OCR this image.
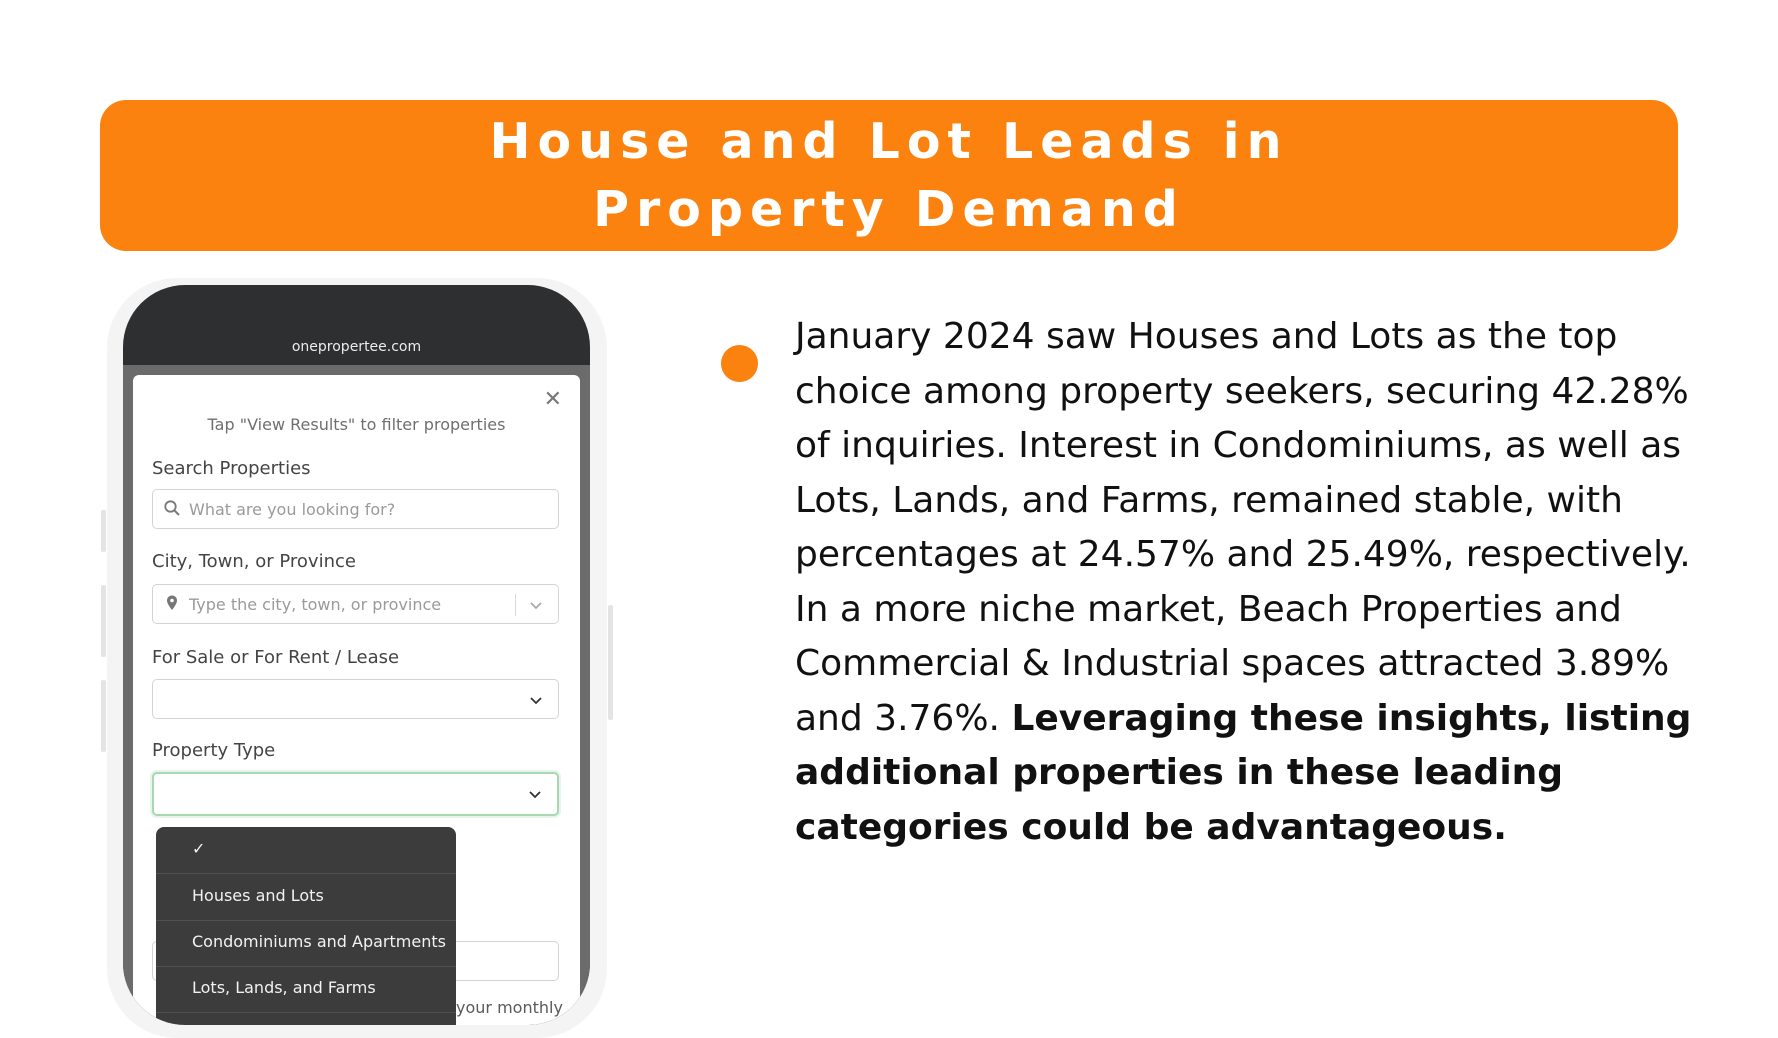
House and Lot Leads in
Property Demand
onepropertee.com
✕
Tap "View Results" to filter properties
Search Properties
What are you looking for?
City, Town, or Province
Type the city, town, or province
For Sale or For Rent / Lease
Property Type
your monthly
✓
Houses and Lots
Condominiums and Apartments
Lots, Lands, and Farms
January 2024 saw Houses and Lots as the top choice among property seekers, securing 42.28% of inquiries. Interest in Condominiums, as well as Lots, Lands, and Farms, remained stable, with percentages at 24.57% and 25.49%, respectively. In a more niche market, Beach Properties and Commercial & Industrial spaces attracted 3.89% and 3.76%. Leveraging these insights, listing additional properties in these leading categories could be advantageous.
